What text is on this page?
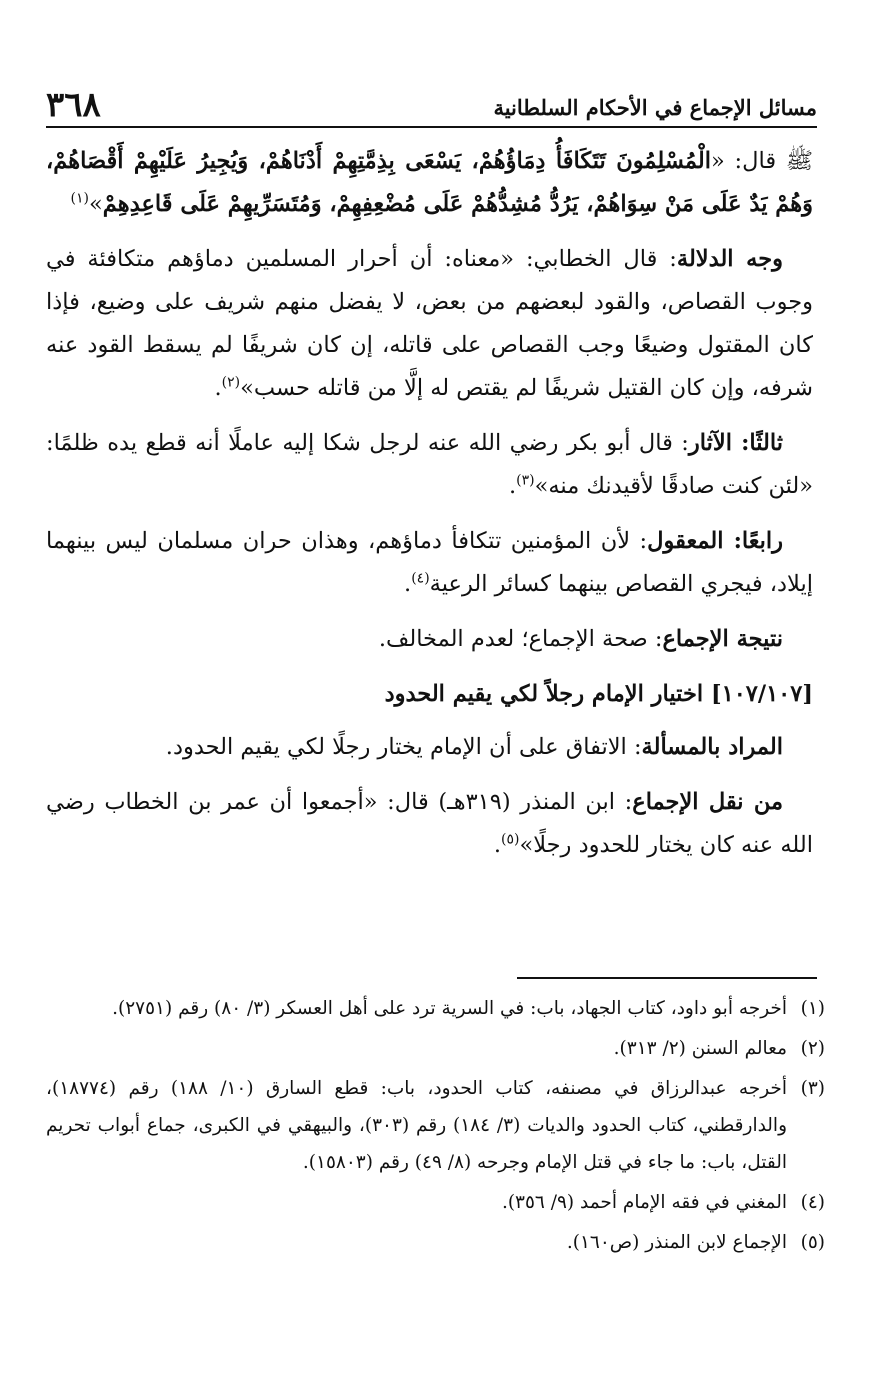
مسائل الإجماع في الأحكام السلطانية
٣٦٨

ﷺ قال: «الْمُسْلِمُونَ تَتَكَافَأُ دِمَاؤُهُمْ، يَسْعَى بِذِمَّتِهِمْ أَدْنَاهُمْ، وَيُجِيرُ عَلَيْهِمْ أَقْصَاهُمْ، وَهُمْ يَدٌ عَلَى مَنْ سِوَاهُمْ، يَرُدُّ مُشِدُّهُمْ عَلَى مُضْعِفِهِمْ، وَمُتَسَرِّيهِمْ عَلَى قَاعِدِهِمْ»$^{(١)}$

وجه الدلالة: قال الخطابي: «معناه: أن أحرار المسلمين دماؤهم متكافئة في وجوب القصاص، والقود لبعضهم من بعض، لا يفضل منهم شريف على وضيع، فإذا كان المقتول وضيعًا وجب القصاص على قاتله، إن كان شريفًا لم يسقط القود عنه شرفه، وإن كان القتيل شريفًا لم يقتص له إلَّا من قاتله حسب»$^{(٢)}$.

ثالثًا: الآثار: قال أبو بكر رضي الله عنه لرجل شكا إليه عاملًا أنه قطع يده ظلمًا: «لئن كنت صادقًا لأقيدنك منه»$^{(٣)}$.

رابعًا: المعقول: لأن المؤمنين تتكافأ دماؤهم، وهذان حران مسلمان ليس بينهما إيلاد، فيجري القصاص بينهما كسائر الرعية$^{(٤)}$.

نتيجة الإجماع: صحة الإجماع؛ لعدم المخالف.

[١٠٧/١٠٧] اختيار الإمام رجلاً لكي يقيم الحدود

المراد بالمسألة: الاتفاق على أن الإمام يختار رجلًا لكي يقيم الحدود.

من نقل الإجماع: ابن المنذر (٣١٩هـ) قال: «أجمعوا أن عمر بن الخطاب رضي الله عنه كان يختار للحدود رجلًا»$^{(٥)}$.

(١)
أخرجه أبو داود، كتاب الجهاد، باب: في السرية ترد على أهل العسكر (٣/ ٨٠) رقم (٢٧٥١).
(٢)
معالم السنن (٢/ ٣١٣).
(٣)
أخرجه عبدالرزاق في مصنفه، كتاب الحدود، باب: قطع السارق (١٠/ ١٨٨) رقم (١٨٧٧٤)، والدارقطني، كتاب الحدود والديات (٣/ ١٨٤) رقم (٣٠٣)، والبيهقي في الكبرى، جماع أبواب تحريم القتل، باب: ما جاء في قتل الإمام وجرحه (٨/ ٤٩) رقم (١٥٨٠٣).
(٤)
المغني في فقه الإمام أحمد (٩/ ٣٥٦).
(٥)
الإجماع لابن المنذر (ص١٦٠).
